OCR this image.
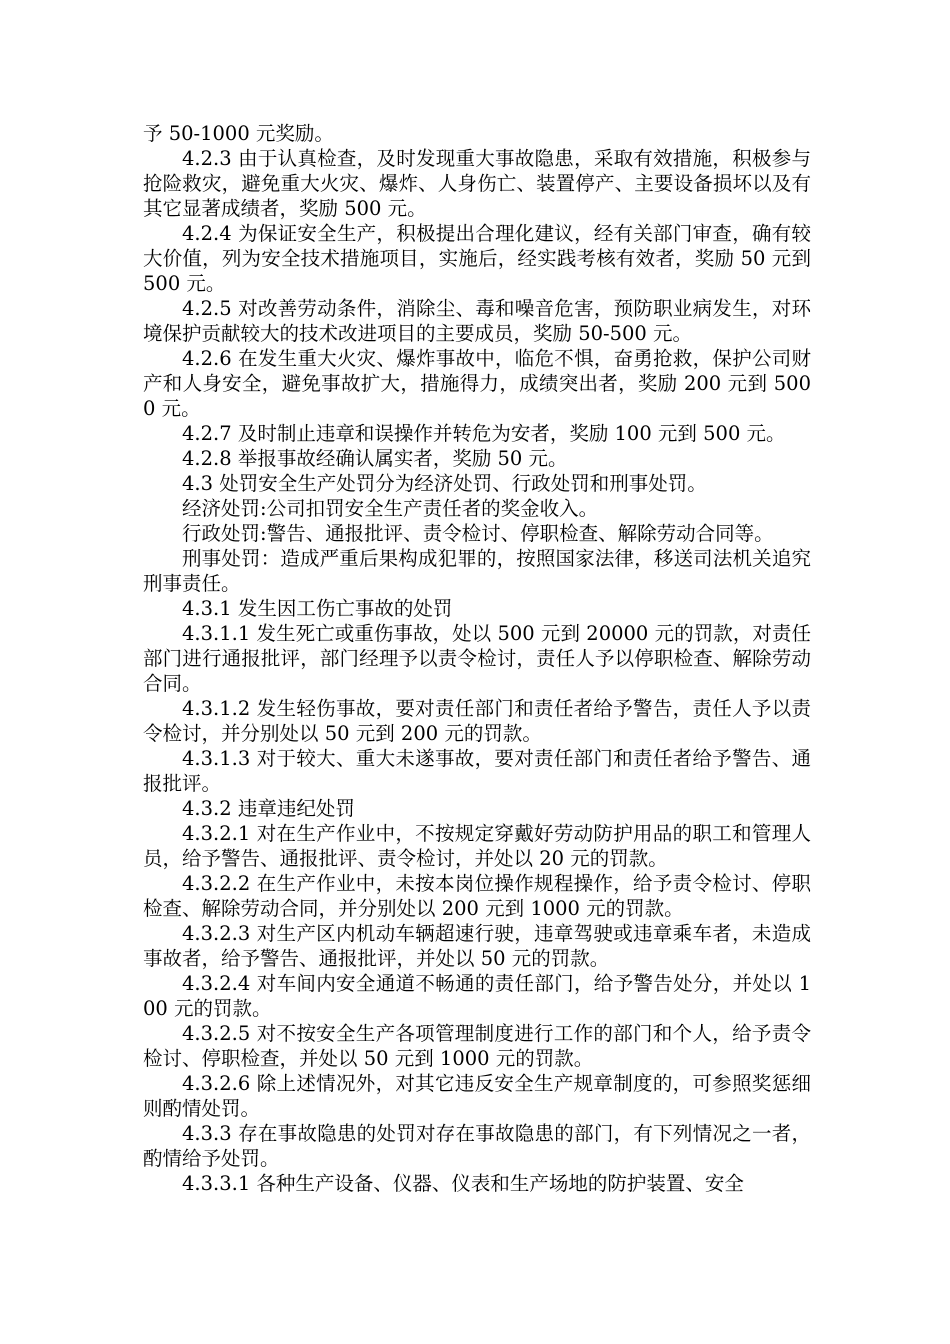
予 50-1000 元奖励。

4.2.3 由于认真检查，及时发现重大事故隐患，采取有效措施，积极参与抢险救灾，避免重大火灾、爆炸、人身伤亡、装置停产、主要设备损坏以及有其它显著成绩者，奖励 500 元。

4.2.4 为保证安全生产，积极提出合理化建议，经有关部门审查，确有较大价值，列为安全技术措施项目，实施后，经实践考核有效者，奖励 50 元到 500 元。

4.2.5 对改善劳动条件，消除尘、毒和噪音危害，预防职业病发生，对环境保护贡献较大的技术改进项目的主要成员，奖励 50-500 元。

4.2.6 在发生重大火灾、爆炸事故中，临危不惧，奋勇抢救，保护公司财产和人身安全，避免事故扩大，措施得力，成绩突出者，奖励 200 元到 5000 元。

4.2.7 及时制止违章和误操作并转危为安者，奖励 100 元到 500 元。

4.2.8 举报事故经确认属实者，奖励 50 元。

4.3 处罚安全生产处罚分为经济处罚、行政处罚和刑事处罚。

经济处罚:公司扣罚安全生产责任者的奖金收入。

行政处罚:警告、通报批评、责令检讨、停职检查、解除劳动合同等。

刑事处罚：造成严重后果构成犯罪的，按照国家法律，移送司法机关追究刑事责任。

4.3.1 发生因工伤亡事故的处罚

4.3.1.1 发生死亡或重伤事故，处以 500 元到 20000 元的罚款，对责任部门进行通报批评，部门经理予以责令检讨，责任人予以停职检查、解除劳动合同。

4.3.1.2 发生轻伤事故，要对责任部门和责任者给予警告，责任人予以责令检讨，并分别处以 50 元到 200 元的罚款。

4.3.1.3 对于较大、重大未遂事故，要对责任部门和责任者给予警告、通报批评。

4.3.2 违章违纪处罚

4.3.2.1 对在生产作业中，不按规定穿戴好劳动防护用品的职工和管理人员，给予警告、通报批评、责令检讨，并处以 20 元的罚款。

4.3.2.2 在生产作业中，未按本岗位操作规程操作，给予责令检讨、停职检查、解除劳动合同，并分别处以 200 元到 1000 元的罚款。

4.3.2.3 对生产区内机动车辆超速行驶，违章驾驶或违章乘车者，未造成事故者，给予警告、通报批评，并处以 50 元的罚款。

4.3.2.4 对车间内安全通道不畅通的责任部门，给予警告处分，并处以 100 元的罚款。

4.3.2.5 对不按安全生产各项管理制度进行工作的部门和个人，给予责令检讨、停职检查，并处以 50 元到 1000 元的罚款。

4.3.2.6 除上述情况外，对其它违反安全生产规章制度的，可参照奖惩细则酌情处罚。

4.3.3 存在事故隐患的处罚对存在事故隐患的部门，有下列情况之一者，酌情给予处罚。

4.3.3.1 各种生产设备、仪器、仪表和生产场地的防护装置、安全
